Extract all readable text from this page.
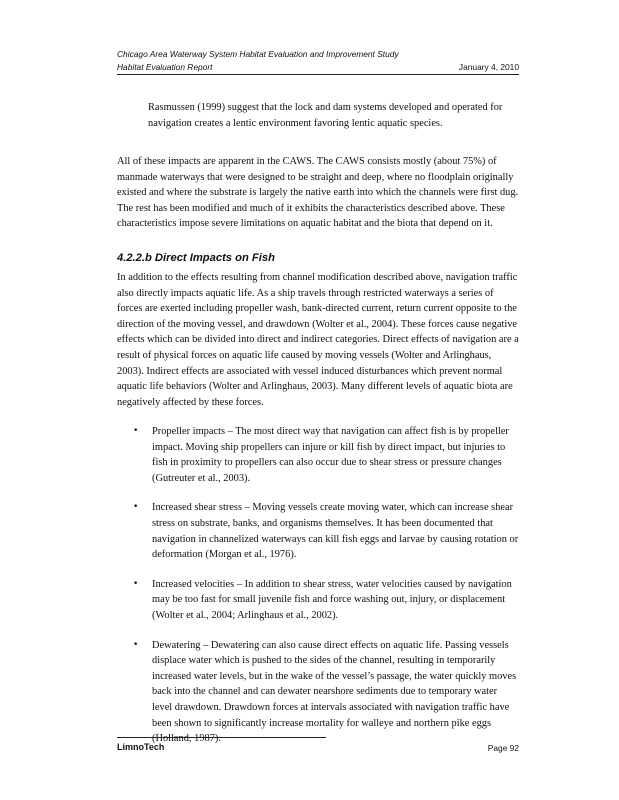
Chicago Area Waterway System Habitat Evaluation and Improvement Study
Habitat Evaluation Report	January 4, 2010
Rasmussen (1999) suggest that the lock and dam systems developed and operated for navigation creates a lentic environment favoring lentic aquatic species.
All of these impacts are apparent in the CAWS. The CAWS consists mostly (about 75%) of manmade waterways that were designed to be straight and deep, where no floodplain originally existed and where the substrate is largely the native earth into which the channels were first dug. The rest has been modified and much of it exhibits the characteristics described above. These characteristics impose severe limitations on aquatic habitat and the biota that depend on it.
4.2.2.b Direct Impacts on Fish
In addition to the effects resulting from channel modification described above, navigation traffic also directly impacts aquatic life. As a ship travels through restricted waterways a series of forces are exerted including propeller wash, bank-directed current, return current opposite to the direction of the moving vessel, and drawdown (Wolter et al., 2004). These forces cause negative effects which can be divided into direct and indirect categories. Direct effects of navigation are a result of physical forces on aquatic life caused by moving vessels (Wolter and Arlinghaus, 2003). Indirect effects are associated with vessel induced disturbances which prevent normal aquatic life behaviors (Wolter and Arlinghaus, 2003). Many different levels of aquatic biota are negatively affected by these forces.
• Propeller impacts – The most direct way that navigation can affect fish is by propeller impact. Moving ship propellers can injure or kill fish by direct impact, but injuries to fish in proximity to propellers can also occur due to shear stress or pressure changes (Gutreuter et al., 2003).
• Increased shear stress – Moving vessels create moving water, which can increase shear stress on substrate, banks, and organisms themselves. It has been documented that navigation in channelized waterways can kill fish eggs and larvae by causing rotation or deformation (Morgan et al., 1976).
• Increased velocities – In addition to shear stress, water velocities caused by navigation may be too fast for small juvenile fish and force washing out, injury, or displacement (Wolter et al., 2004; Arlinghaus et al., 2002).
• Dewatering – Dewatering can also cause direct effects on aquatic life. Passing vessels displace water which is pushed to the sides of the channel, resulting in temporarily increased water levels, but in the wake of the vessel’s passage, the water quickly moves back into the channel and can dewater nearshore sediments due to temporary water level drawdown. Drawdown forces at intervals associated with navigation traffic have been shown to significantly increase mortality for walleye and northern pike eggs (Holland, 1987).
LimnoTech	Page 92
